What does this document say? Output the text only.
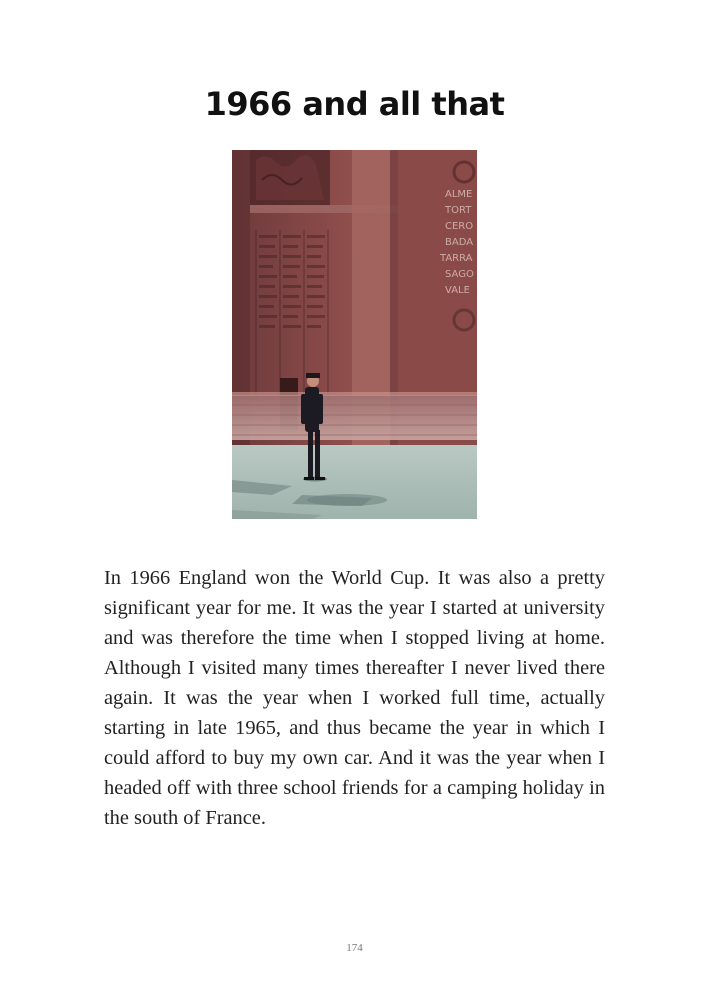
1966 and all that
ALME
TORT
CERO
BADA
TARRA
SAGO
VALE

In 1966 England won the World Cup. It was also a pretty significant year for me. It was the year I started at university and was therefore the time when I stopped living at home. Although I visited many times thereafter I never lived there again. It was the year when I worked full time, actually starting in late 1965, and thus became the year in which I could afford to buy my own car. And it was the year when I headed off with three school friends for a camping holiday in the south of France.

174
